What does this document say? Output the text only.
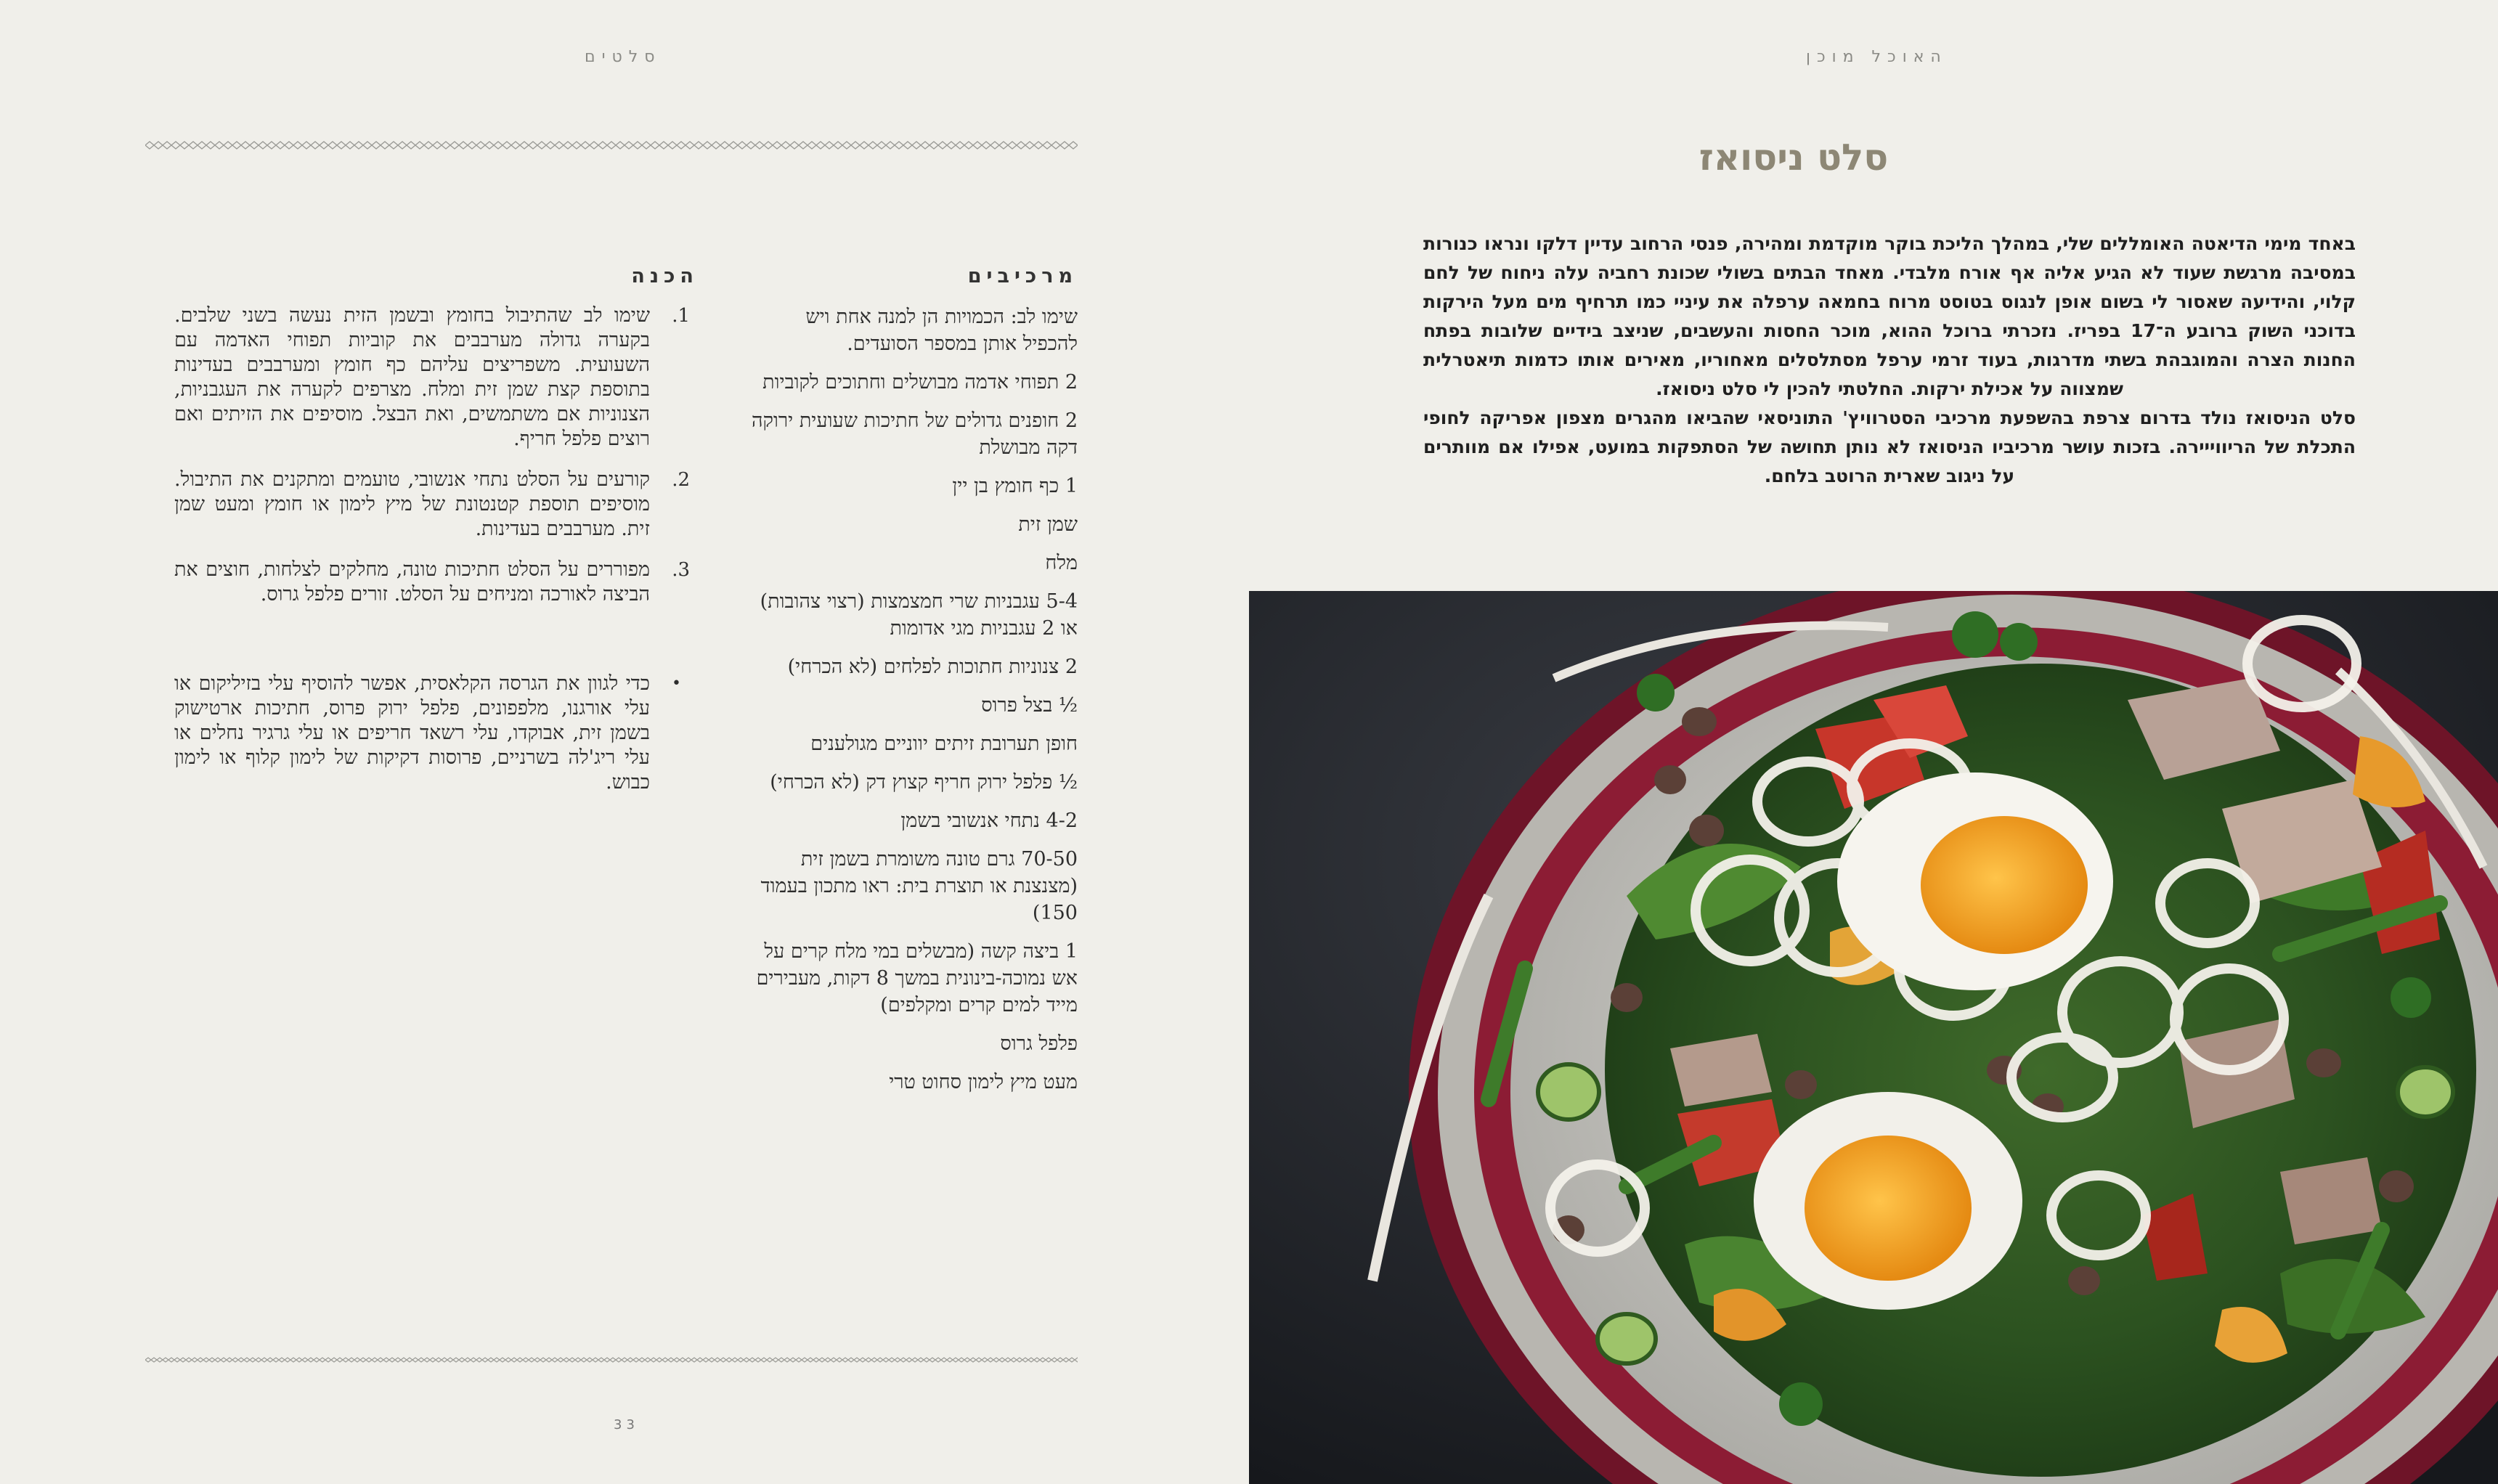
סלטים
מרכיבים
הכנה
שימו לב: הכמויות הן למנה אחת ויש להכפיל אותן במספר הסועדים.
2 תפוחי אדמה מבושלים וחתוכים לקוביות
2 חופנים גדולים של חתיכות שעועית ירוקה דקה מבושלת
1 כף חומץ בן יין
שמן זית
מלח
5-4 עגבניות שרי חמצמצות (רצוי צהובות) או 2 עגבניות מגי אדומות
2 צנוניות חתוכות לפלחים (לא הכרחי)
½ בצל פרוס
חופן תערובת זיתים יווניים מגולענים
½ פלפל ירוק חריף קצוץ דק (לא הכרחי)
4-2 נתחי אנשובי בשמן
70-50 גרם טונה משומרת בשמן זית (מצנצנת או תוצרת בית: ראו מתכון בעמוד 150)
1 ביצה קשה (מבשלים במי מלח קרים על אש נמוכה-בינונית במשך 8 דקות, מעבירים מייד למים קרים ומקלפים)
פלפל גרוס
מעט מיץ לימון סחוט טרי
1.
שימו לב שהתיבול בחומץ ובשמן הזית נעשה בשני שלבים. בקערה גדולה מערבבים את קוביות תפוחי האדמה עם השעועית. משפריצים עליהם כף חומץ ומערבבים בעדינות בתוספת קצת שמן זית ומלח. מצרפים לקערה את העגבניות, הצנוניות אם משתמשים, ואת הבצל. מוסיפים את הזיתים ואם רוצים פלפל חריף.
2.
קורעים על הסלט נתחי אנשובי, טועמים ומתקנים את התיבול. מוסיפים תוספת קטנטונת של מיץ לימון או חומץ ומעט שמן זית. מערבבים בעדינות.
3.
מפוררים על הסלט חתיכות טונה, מחלקים לצלחות, חוצים את הביצה לאורכה ומניחים על הסלט. זורים פלפל גרוס.
•
כדי לגוון את הגרסה הקלאסית, אפשר להוסיף עלי בזיליקום או עלי אורגנו, מלפפונים, פלפל ירוק פרוס, חתיכות ארטישוק בשמן זית, אבוקדו, עלי רשאד חריפים או עלי גרגיר נחלים או עלי ריג'לה בשרניים, פרוסות דקיקות של לימון קלוף או לימון כבוש.
33
האוכל מוכן
סלט ניסואז

באחד מימי הדיאטה האומללים שלי, במהלך הליכת בוקר מוקדמת ומהירה, פנסי הרחוב עדיין דלקו ונראו כנורות במסיבה מרגשת שעוד לא הגיע אליה אף אורח מלבדי. מאחד הבתים בשולי שכונת רחביה עלה ניחוח של לחם קלוי, והידיעה שאסור לי בשום אופן לנגוס בטוסט מרוח בחמאה ערפלה את עיניי כמו תרחיף מים מעל הירקות בדוכני השוק ברובע ה־17 בפריז. נזכרתי ברוכל ההוא, מוכר החסות והעשבים, שניצב בידיים שלובות בפתח החנות הצרה והמוגבהת בשתי מדרגות, בעוד זרמי ערפל מסתלסלים מאחוריו, מאירים אותו כדמות תיאטרלית שמצווה על אכילת ירקות. החלטתי להכין לי סלט ניסואז.

סלט הניסואז נולד בדרום צרפת בהשפעת מרכיבי הסטרוויץ' התוניסאי שהביאו מהגרים מצפון אפריקה לחופי התכלת של הריווייירה. בזכות עושר מרכיביו הניסואז לא נותן תחושה של הסתפקות במועט, אפילו אם מוותרים על ניגוב שארית הרוטב בלחם.
